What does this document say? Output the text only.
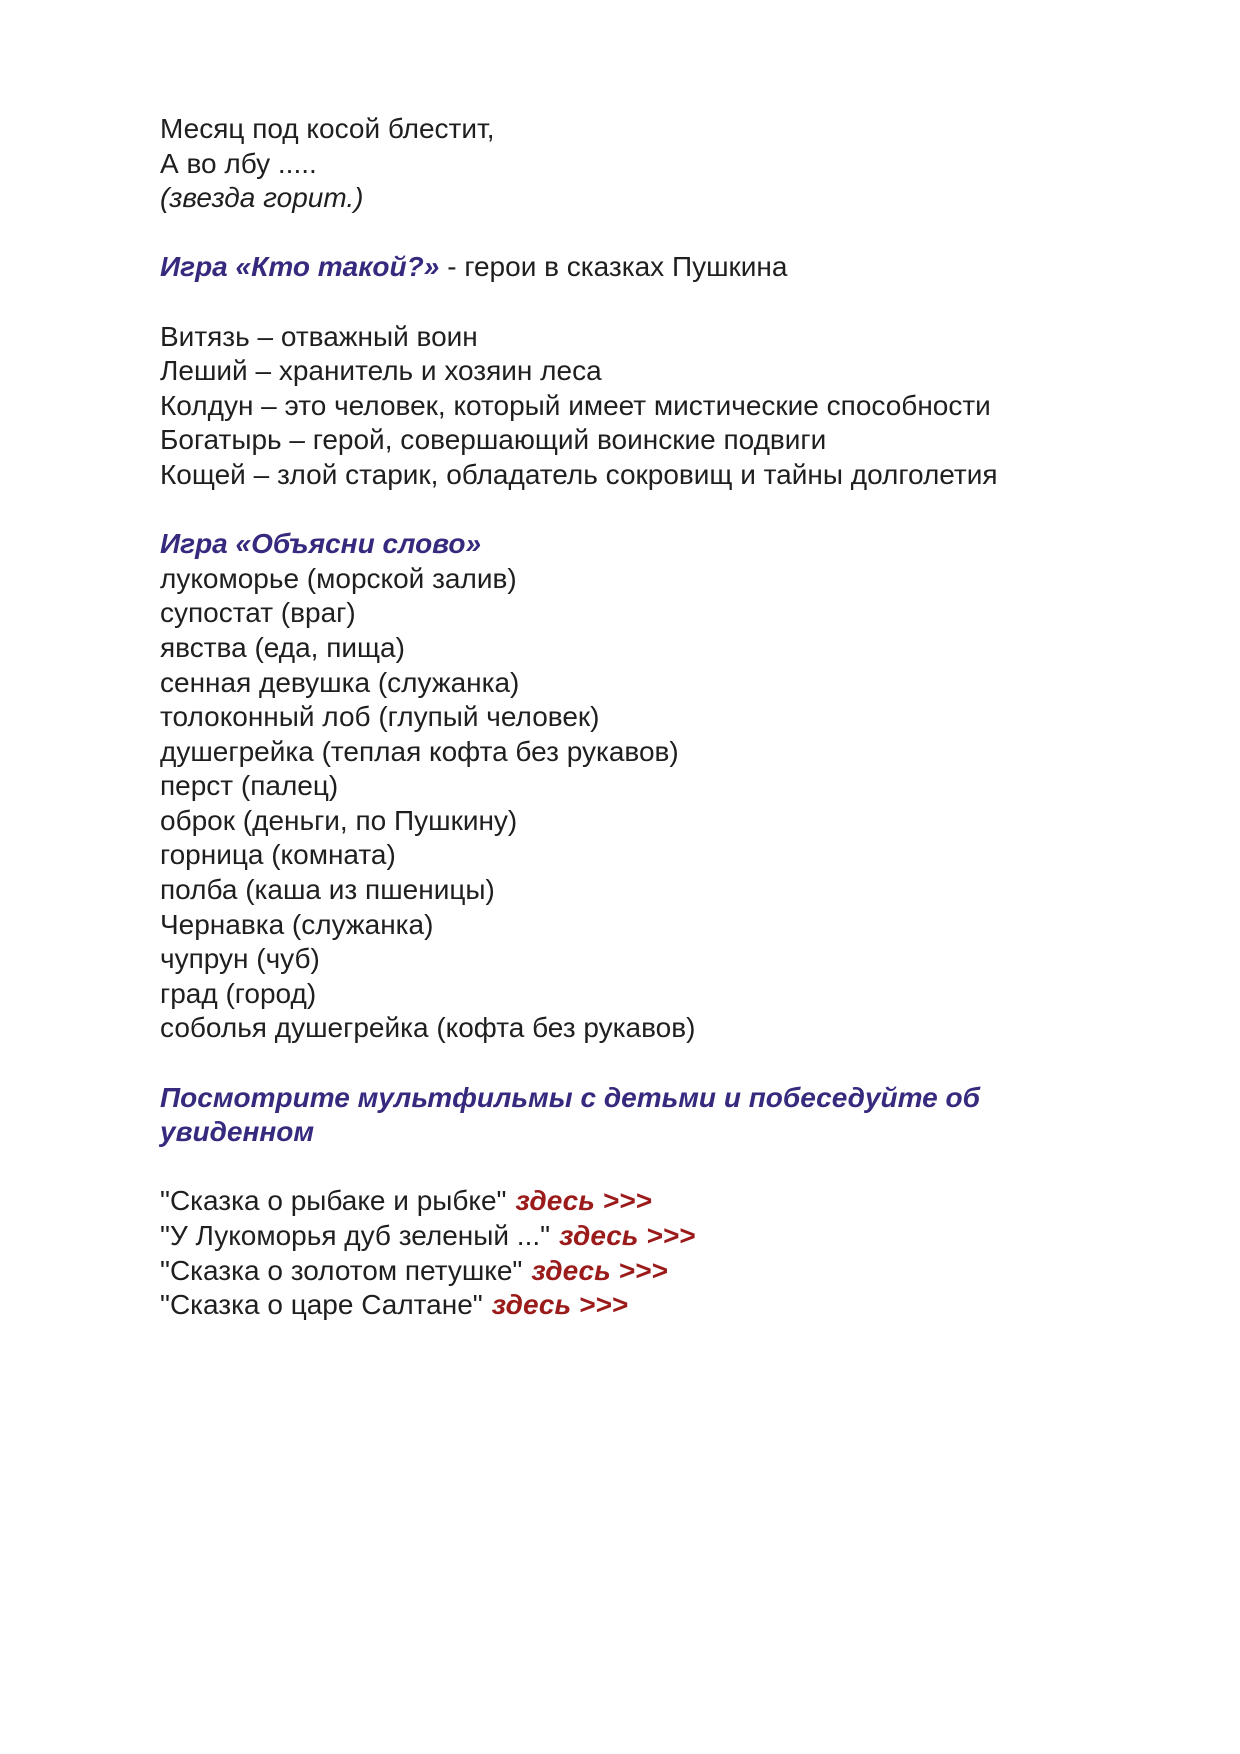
Месяц под косой блестит,
А во лбу .....
(звезда горит.)
Игра «Кто такой?» - герои в сказках Пушкина
Витязь – отважный воин
Леший – хранитель и хозяин леса
Колдун – это человек, который имеет мистические способности
Богатырь – герой, совершающий воинские подвиги
Кощей – злой старик, обладатель сокровищ и тайны долголетия
Игра «Объясни слово»
лукоморье (морской залив)
супостат (враг)
явства (еда, пища)
сенная девушка (служанка)
толоконный лоб (глупый человек)
душегрейка (теплая кофта без рукавов)
перст (палец)
оброк (деньги, по Пушкину)
горница (комната)
полба (каша из пшеницы)
Чернавка (служанка)
чупрун (чуб)
град (город)
соболья душегрейка (кофта без рукавов)
Посмотрите мультфильмы с детьми и побеседуйте об
увиденном
"Сказка о рыбаке и рыбке" здесь >>>
"У Лукоморья дуб зеленый ..." здесь >>>
"Сказка о золотом петушке" здесь >>>
"Сказка о царе Салтане" здесь >>>
